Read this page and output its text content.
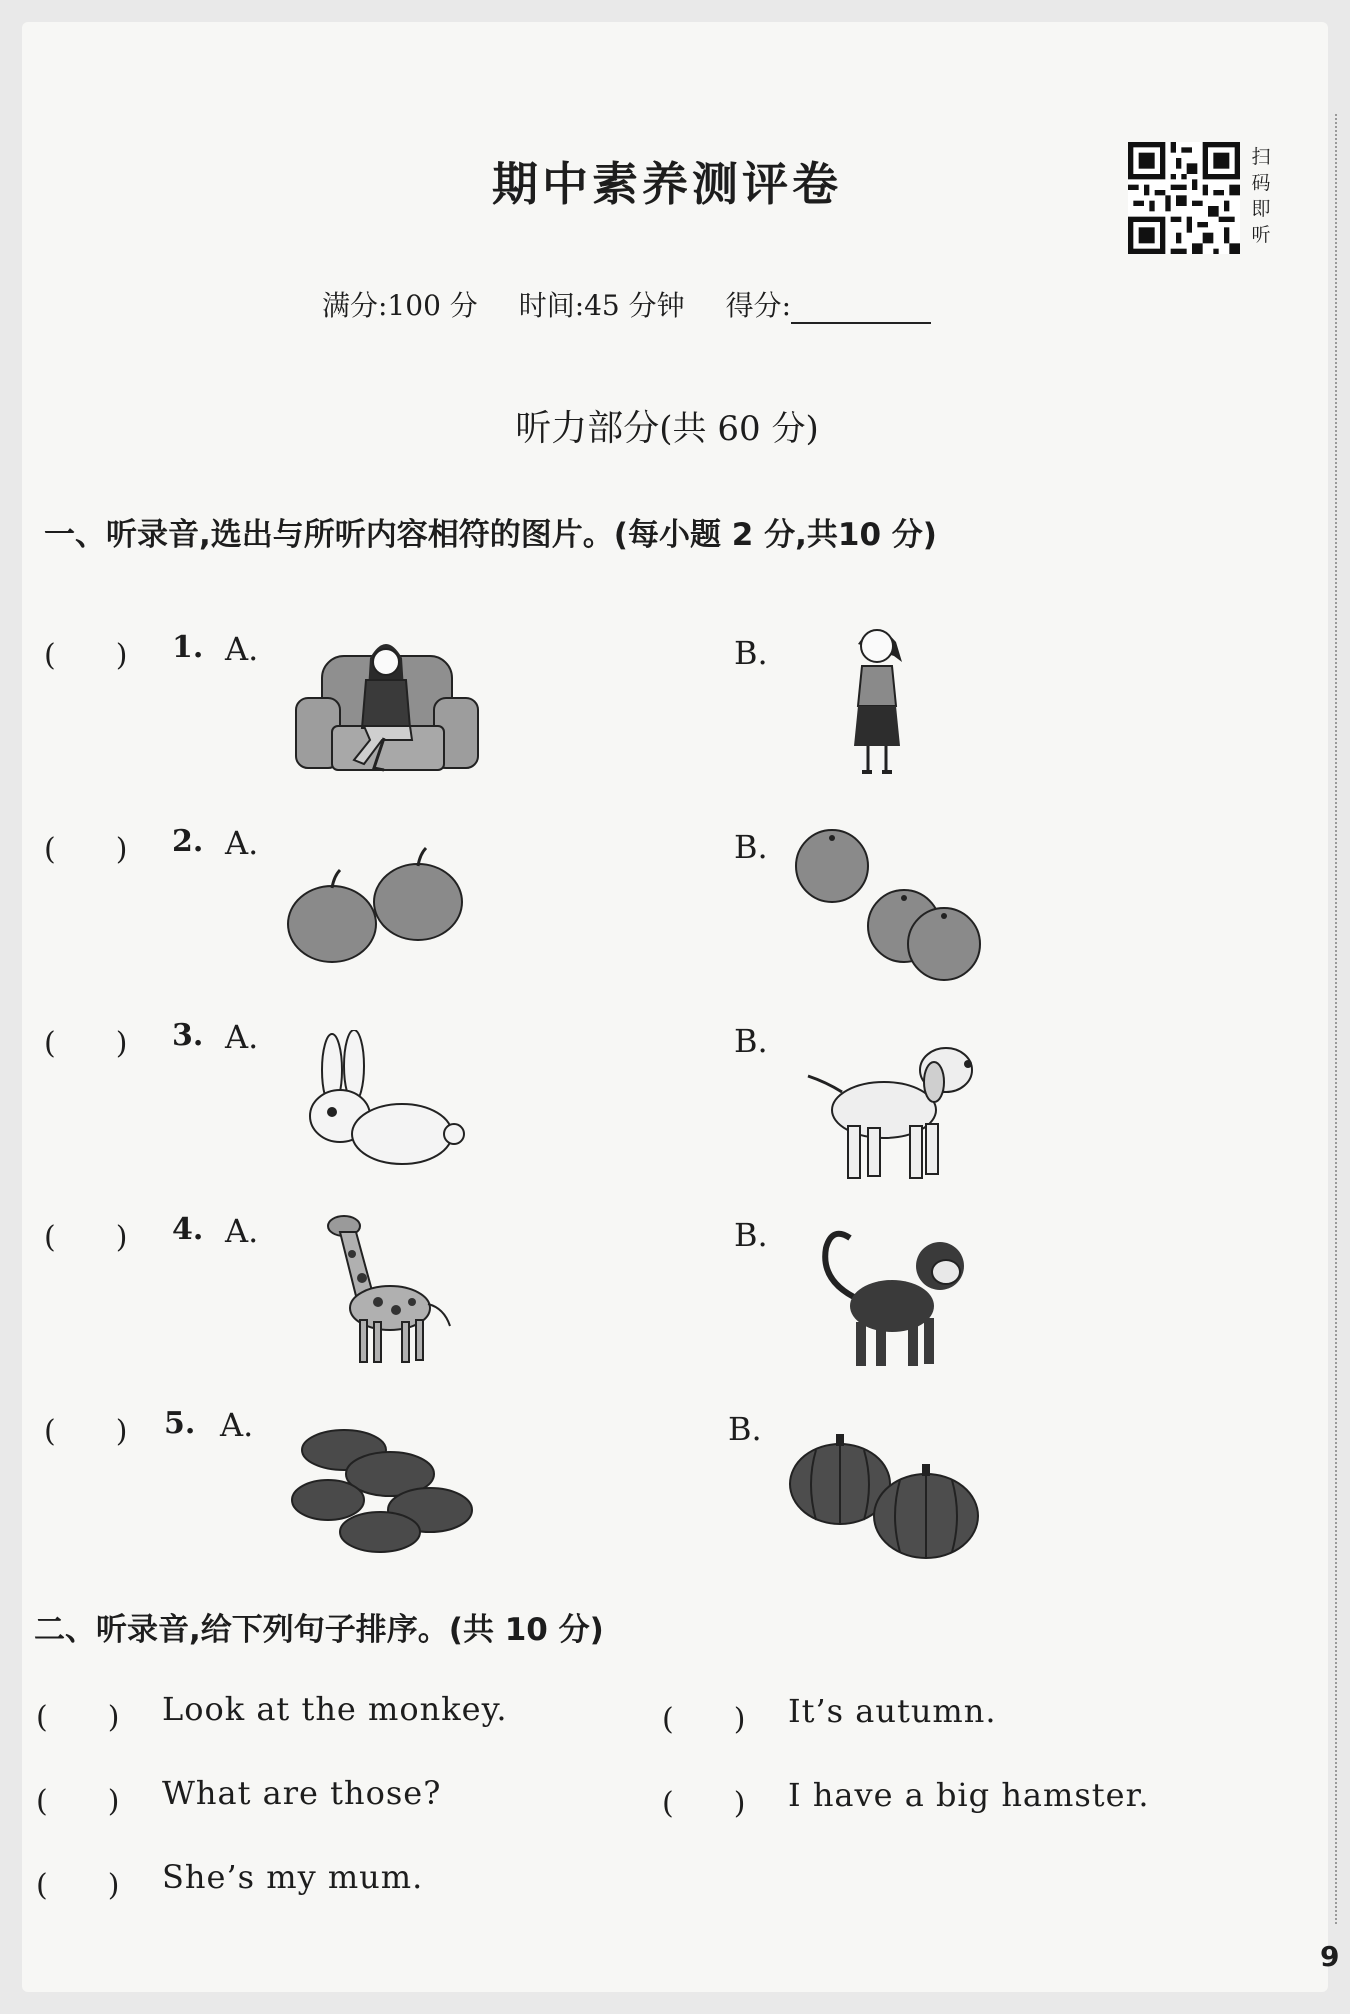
期中素养测评卷	扫
码
即
听
满分:100 分 时间:45 分钟 得分:
听力部分(共 60 分)
一、听录音,选出与所听内容相符的图片。(每小题 2 分,共10 分)
(　　) 1. A.	B.
(　　) 2. A.	B.
(　　) 3. A.	B.
(　　) 4. A.	B.
(　　) 5. A.	B.
二、听录音,给下列句子排序。(共 10 分)
(　　) Look at the monkey.	(　　) It’s autumn.
(　　) What are those?	(　　) I have a big hamster.
(　　) She’s my mum.
9
